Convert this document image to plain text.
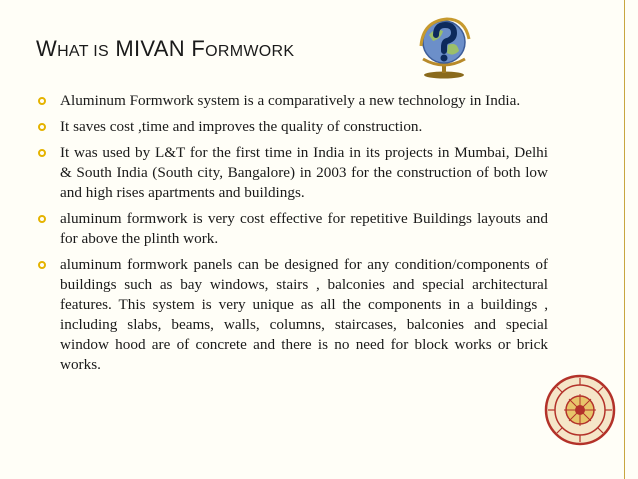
WHAT IS MIVAN FORMWORK
Aluminum Formwork system is a comparatively a new technology in India.
It saves cost ,time and improves the quality of construction.
It was used by L&T for the first time in India in its projects in Mumbai, Delhi & South India (South city, Bangalore) in 2003 for the construction of both low and high rises apartments and buildings.
aluminum formwork is very cost effective for repetitive Buildings layouts and for above the plinth work.
aluminum formwork panels can be designed for any condition/components of buildings such as bay windows, stairs , balconies and special architectural features. This system is very unique as all the components in a buildings , including slabs, beams, walls, columns, staircases, balconies and special window hood are of concrete and there is no need for block works or brick works.
